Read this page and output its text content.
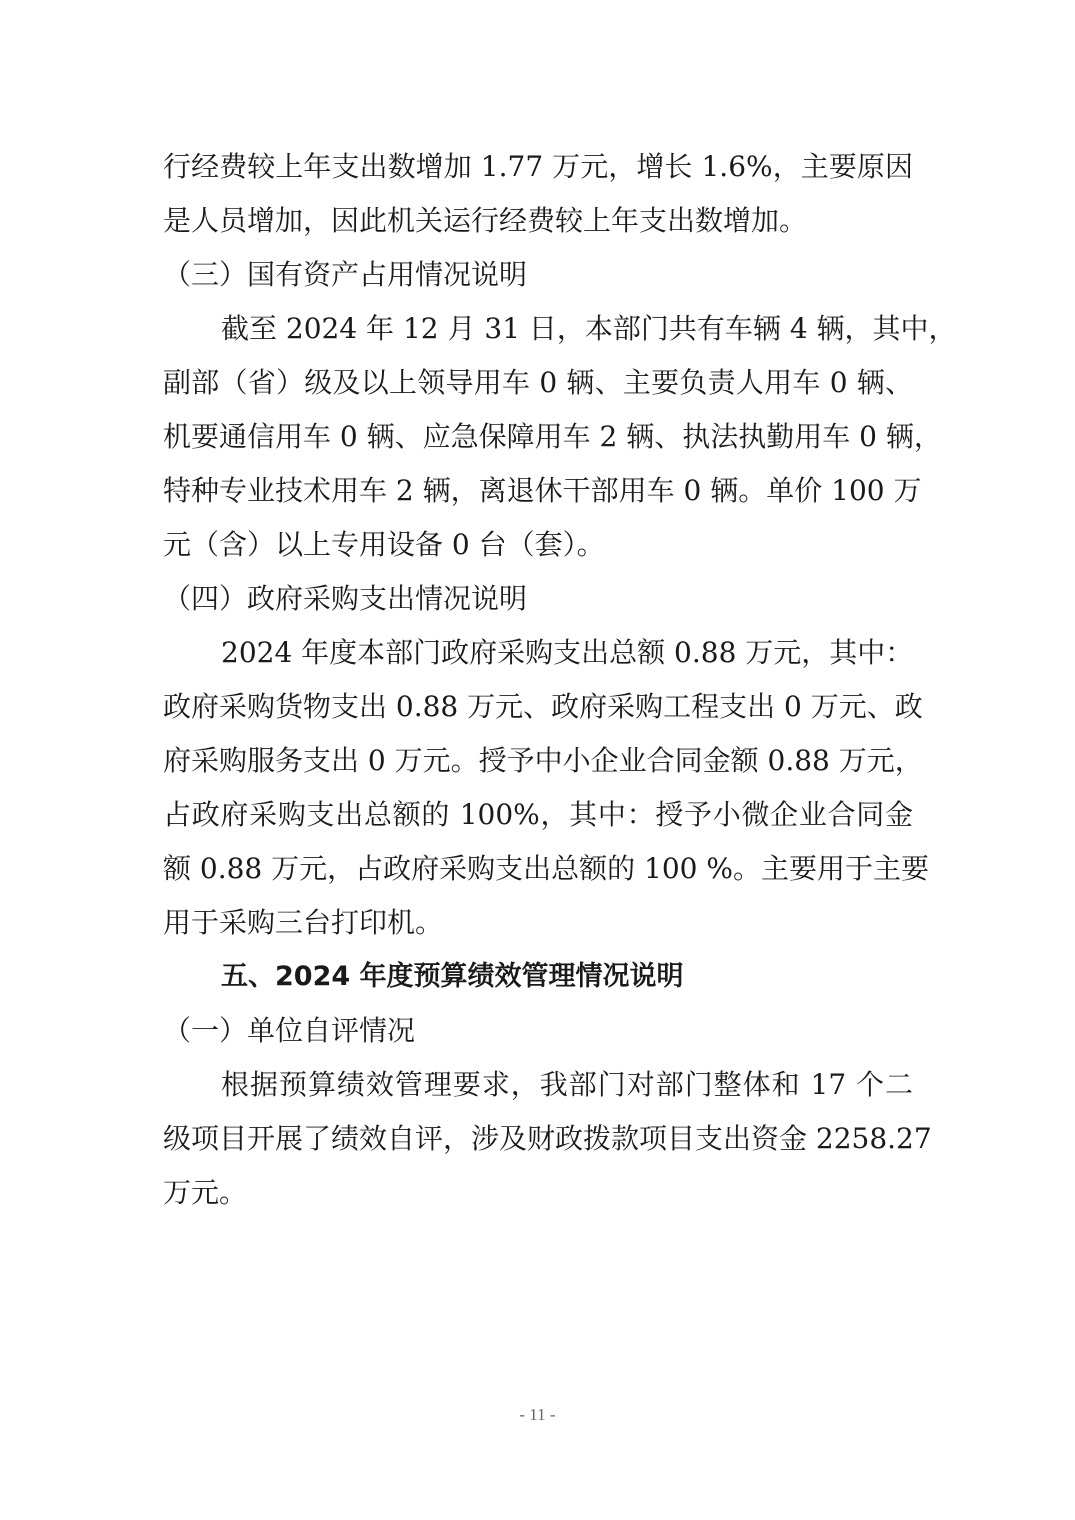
行经费较上年支出数增加 1.77 万元，增长 1.6%，主要原因
是人员增加，因此机关运行经费较上年支出数增加。
（三）国有资产占用情况说明
截至 2024 年 12 月 31 日，本部门共有车辆 4 辆，其中，
副部（省）级及以上领导用车 0 辆、主要负责人用车 0 辆、
机要通信用车 0 辆、应急保障用车 2 辆、执法执勤用车 0 辆，
特种专业技术用车 2 辆，离退休干部用车 0 辆。单价 100 万
元（含）以上专用设备 0 台（套）。
（四）政府采购支出情况说明
2024 年度本部门政府采购支出总额 0.88 万元，其中：
政府采购货物支出 0.88 万元、政府采购工程支出 0 万元、政
府采购服务支出 0 万元。授予中小企业合同金额 0.88 万元，
占政府采购支出总额的 100%，其中：授予小微企业合同金
额 0.88 万元，占政府采购支出总额的 100 %。主要用于主要
用于采购三台打印机。
五、2024 年度预算绩效管理情况说明
（一）单位自评情况
根据预算绩效管理要求，我部门对部门整体和 17 个二
级项目开展了绩效自评，涉及财政拨款项目支出资金 2258.27
万元。
- 11 -
